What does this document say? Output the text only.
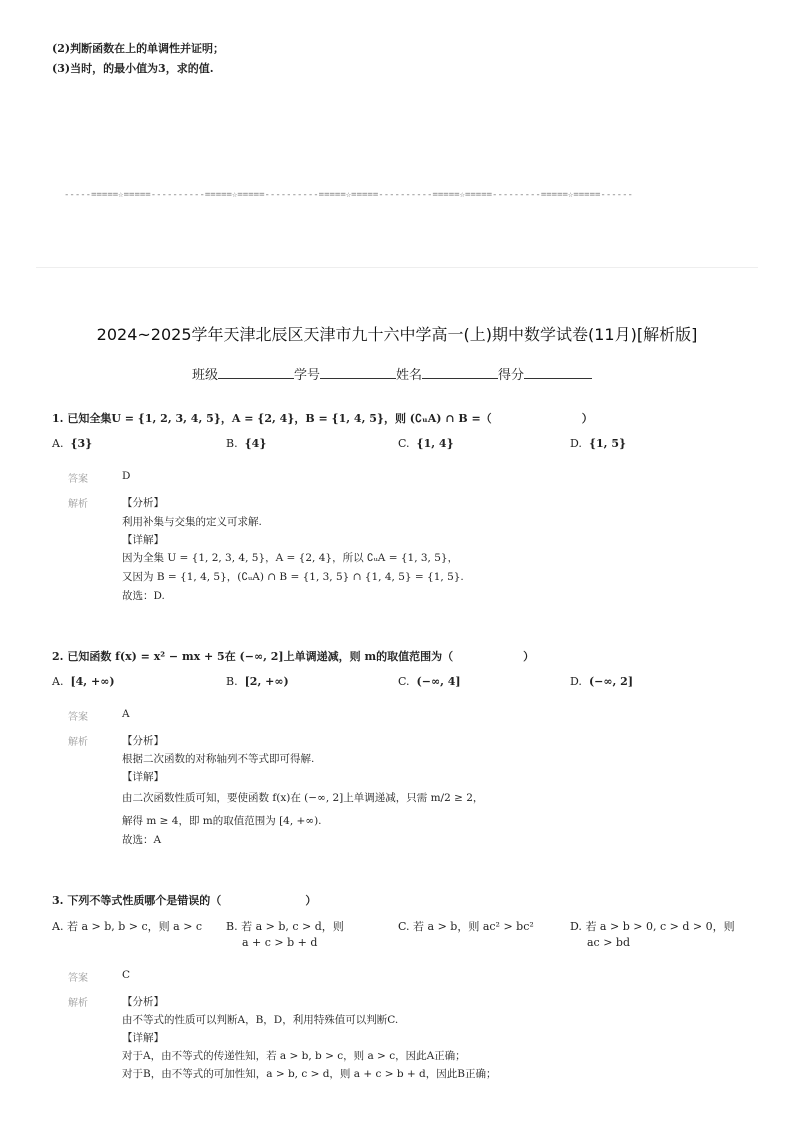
(2)判断函数在上的单调性并证明；
(3)当时，的最小值为3，求的值.
-----=====☆=====----------=====☆=====----------=====☆=====----------=====☆=====---------=====☆=====------
2024~2025学年天津北辰区天津市九十六中学高一(上)期中数学试卷(11月)[解析版]
班级	学号	姓名	得分
1. 已知全集U = {1, 2, 3, 4, 5}，A = {2, 4}，B = {1, 4, 5}，则 (∁ᵤA) ∩ B =（	）
A. {3}	B. {4}	C. {1, 4}	D. {1, 5}
答案	D
解析	【分析】
利用补集与交集的定义可求解.
【详解】
因为全集 U = {1, 2, 3, 4, 5}，A = {2, 4}，所以 ∁ᵤA = {1, 3, 5}，
又因为 B = {1, 4, 5}，(∁ᵤA) ∩ B = {1, 3, 5} ∩ {1, 4, 5} = {1, 5}.
故选：D.
2. 已知函数 f(x) = x² − mx + 5在 (−∞, 2]上单调递减，则 m的取值范围为（	）
A. [4, +∞)	B. [2, +∞)	C. (−∞, 4]	D. (−∞, 2]
答案	A
解析	【分析】
根据二次函数的对称轴列不等式即可得解.
【详解】
由二次函数性质可知，要使函数 f(x)在 (−∞, 2]上单调递减，只需 m/2 ≥ 2，
解得 m ≥ 4，即 m的取值范围为 [4, +∞).
故选：A
3. 下列不等式性质哪个是错误的（	）
A. 若 a > b, b > c，则 a > c B. 若 a > b, c > d，则
a + c > b + d
C. 若 a > b，则 ac² > bc²	D. 若 a > b > 0, c > d > 0，则
ac > bd
答案	C
解析	【分析】
由不等式的性质可以判断A，B，D，利用特殊值可以判断C.
【详解】
对于A，由不等式的传递性知，若 a > b, b > c，则 a > c，因此A正确；
对于B，由不等式的可加性知，a > b, c > d，则 a + c > b + d，因此B正确；
